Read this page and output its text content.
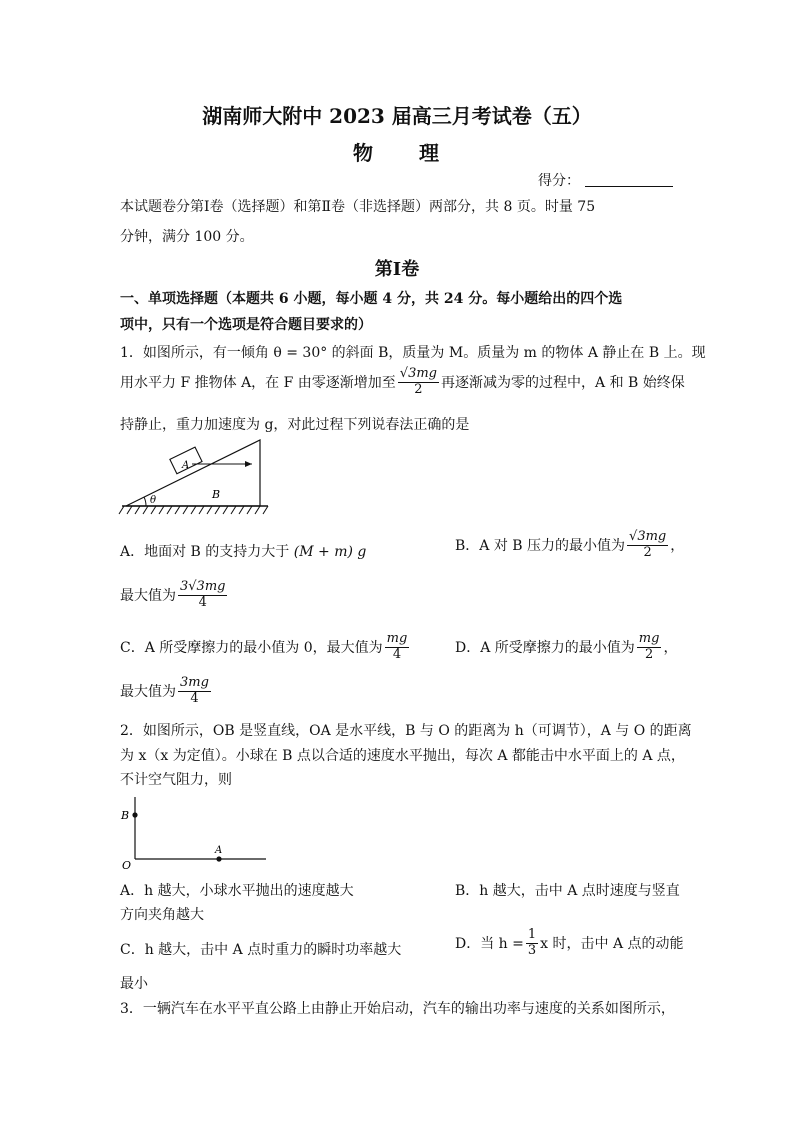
湖南师大附中 2023 届高三月考试卷（五）
物　　理
得分：
本试题卷分第Ⅰ卷（选择题）和第Ⅱ卷（非选择题）两部分，共 8 页。时量 75
分钟，满分 100 分。
第Ⅰ卷
一、单项选择题（本题共 6 小题，每小题 4 分，共 24 分。每小题给出的四个选
项中，只有一个选项是符合题目要求的）
1．如图所示，有一倾角 θ = 30° 的斜面 B，质量为 M。质量为 m 的物体 A 静止在 B 上。现
用水平力 F 推物体 A，在 F 由零逐渐增加至 $\frac{√3mg}{2}$ 再逐渐减为零的过程中，A 和 B 始终保
持静止，重力加速度为 g，对此过程下列说春法正确的是
A
B
θ
A．地面对 B 的支持力大于 (M + m) g	B．A 对 B 压力的最小值为 $\frac{√3mg}{2}$ ，
最大值为 $\frac{3√3mg}{4}$
C．A 所受摩擦力的最小值为 0，最大值为 $\frac{mg}{4}$	D．A 所受摩擦力的最小值为 $\frac{mg}{2}$ ，
最大值为 $\frac{3mg}{4}$
2．如图所示，OB 是竖直线，OA 是水平线，B 与 O 的距离为 h（可调节），A 与 O 的距离
为 x（x 为定值）。小球在 B 点以合适的速度水平抛出，每次 A 都能击中水平面上的 A 点，
不计空气阻力，则
B
O
A
A．h 越大，小球水平抛出的速度越大	B．h 越大，击中 A 点时速度与竖直
方向夹角越大
C．h 越大，击中 A 点时重力的瞬时功率越大	D．当 $h = \frac{1}{3}$ x 时，击中 A 点的动能
最小
3．一辆汽车在水平平直公路上由静止开始启动，汽车的输出功率与速度的关系如图所示，
